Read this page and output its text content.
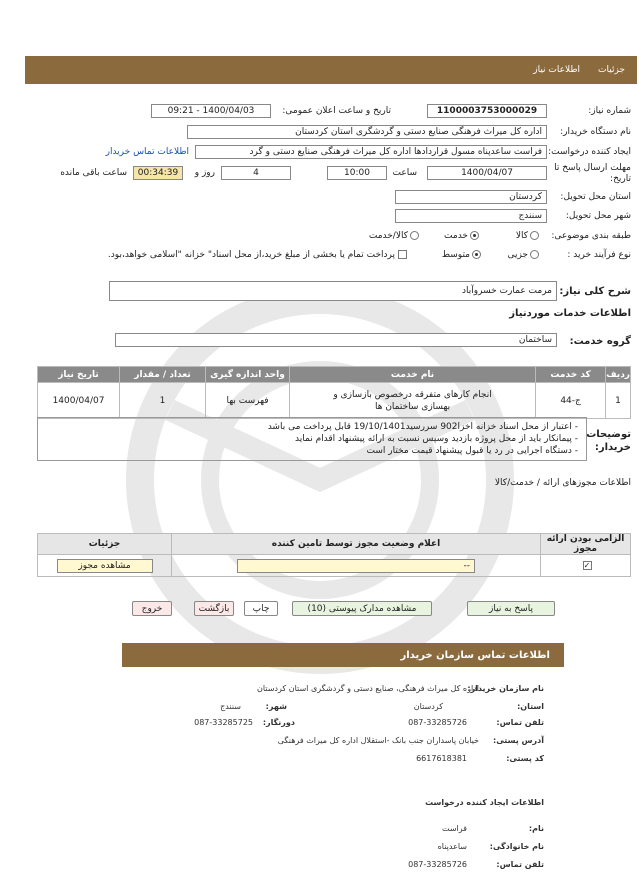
جزئیات
اطلاعات نیاز
شماره نیاز:
1100003753000029
تاریخ و ساعت اعلان عمومی:
1400/04/03 - 09:21
نام دستگاه خریدار:
اداره کل میراث فرهنگی صنایع دستی و گردشگری استان کردستان
ایجاد کننده درخواست:
فراست ساعدپناه مسول قراردادها اداره کل میراث فرهنگی صنایع دستی و گرد
اطلاعات تماس خریدار
مهلت ارسال پاسخ تا تاریخ:
1400/04/07
ساعت
10:00
4
روز و
00:34:39
ساعت باقی مانده
استان محل تحویل:
کردستان
شهر محل تحویل:
سنندج
طبقه بندی موضوعی:
کالا
خدمت
کالا/خدمت
نوع فرآیند خرید :
جزیی
متوسط
پرداخت تمام یا بخشی از مبلغ خرید،از محل اسناد" خزانه "اسلامی خواهد،بود.
شرح کلی نیاز:
مرمت عمارت خسروآباد
اطلاعات خدمات موردنیاز
گروه خدمت:
ساختمان
ردیف	کد خدمت	نام خدمت	واحد اندازه گیری	تعداد / مقدار	تاریخ نیاز
1	ج-44	انجام کارهای متفرقه درخصوص بازسازی و بهسازی ساختمان ها	فهرست بها	1	1400/04/07
توضیحات خریدار:
- اعتبار از محل اسناد خزانه اخزا902 سررسید19/10/1401 قابل پرداخت می باشد
- پیمانکار باید از محل پروژه بازدید وسپس نسبت به ارائه پیشنهاد اقدام نماید
- دستگاه اجرایی در رد یا قبول پیشنهاد قیمت مختار است
اطلاعات مجوزهای ارائه / خدمت/کالا
الزامی بودن ارائه مجوز	اعلام وضعیت مجوز توسط تامین کننده	جزئیات
✓	--	مشاهده مجوز
پاسخ به نیاز
مشاهده مدارک پیوستی (10)
چاپ
بازگشت
خروج
اطلاعات تماس سازمان خریدار
نام سازمان خریدار:
اداره کل میراث فرهنگی، صنایع دستی و گردشگری استان کردستان
استان:
کردستان
شهر:
سنندج
تلفن تماس:
087-33285726
دورنگار:
087-33285725
آدرس پستی:
خیابان پاسداران جنب بانک -استقلال اداره کل میراث فرهنگی
کد پستی:
6617618381
اطلاعات ایجاد کننده درخواست
نام:
فراست
نام خانوادگی:
ساعدپناه
تلفن تماس:
087-33285726
